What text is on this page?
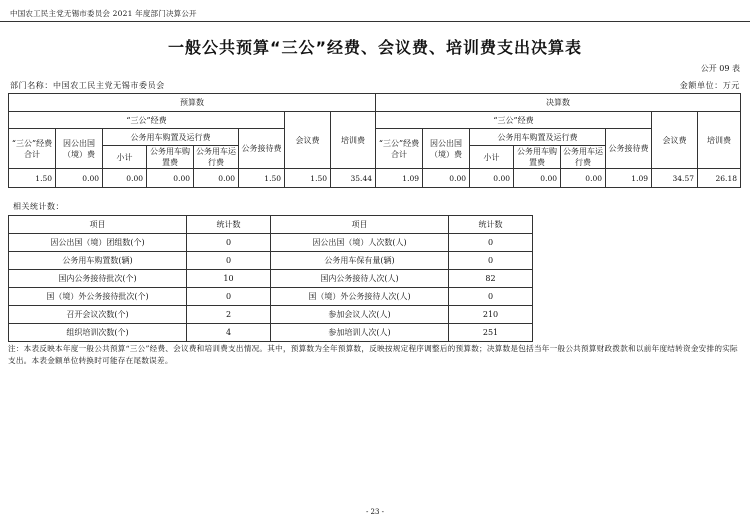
中国农工民主党无锡市委员会 2021 年度部门决算公开
一般公共预算“三公”经费、会议费、培训费支出决算表
公开 09 表
部门名称：中国农工民主党无锡市委员会	金额单位：万元
预算数								决算数							
“三公”经费						会议费	培训费	“三公”经费						会议费	培训费
“三公”经费合计	因公出国（境）费	公务用车购置及运行费			公务接待费			“三公”经费合计	因公出国（境）费	公务用车购置及运行费			公务接待费		
		小计	公务用车购置费	公务用车运行费						小计	公务用车购置费	公务用车运行费			
1.50	0.00	0.00	0.00	0.00	1.50	1.50	35.44	1.09	0.00	0.00	0.00	0.00	1.09	34.57	26.18
相关统计数：
项目	统计数	项目	统计数
因公出国（境）团组数(个)	0	因公出国（境）人次数(人)	0
公务用车购置数(辆)	0	公务用车保有量(辆)	0
国内公务接待批次(个)	10	国内公务接待人次(人)	82
国（境）外公务接待批次(个)	0	国（境）外公务接待人次(人)	0
召开会议次数(个)	2	参加会议人次(人)	210
组织培训次数(个)	4	参加培训人次(人)	251
注：本表反映本年度一般公共预算“三公”经费、会议费和培训费支出情况。其中，预算数为全年预算数，反映按规定程序调整后的预算数；决算数是包括当年一般公共预算财政拨款和以前年度结转资金安排的实际支出。本表金额单位转换时可能存在尾数误差。
- 23 -
